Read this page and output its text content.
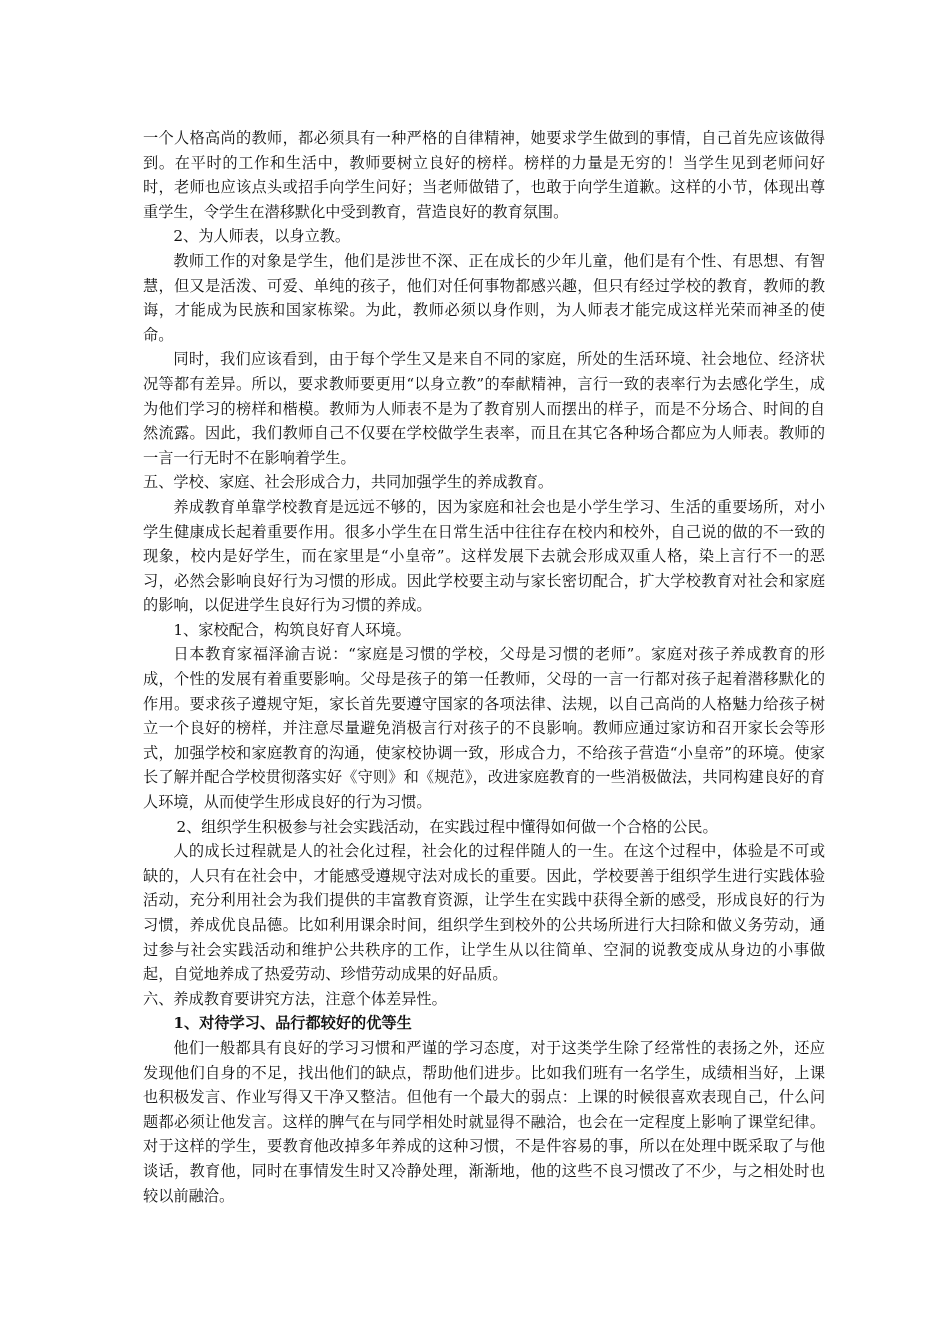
一个人格高尚的教师，都必须具有一种严格的自律精神，她要求学生做到的事情，自己首先应该做得到。在平时的工作和生活中，教师要树立良好的榜样。榜样的力量是无穷的！当学生见到老师问好时，老师也应该点头或招手向学生问好；当老师做错了，也敢于向学生道歉。这样的小节，体现出尊重学生，令学生在潜移默化中受到教育，营造良好的教育氛围。

2、为人师表，以身立教。

教师工作的对象是学生，他们是涉世不深、正在成长的少年儿童，他们是有个性、有思想、有智慧，但又是活泼、可爱、单纯的孩子，他们对任何事物都感兴趣，但只有经过学校的教育，教师的教诲，才能成为民族和国家栋梁。为此，教师必须以身作则，为人师表才能完成这样光荣而神圣的使命。

同时，我们应该看到，由于每个学生又是来自不同的家庭，所处的生活环境、社会地位、经济状况等都有差异。所以，要求教师要更用“以身立教”的奉献精神，言行一致的表率行为去感化学生，成为他们学习的榜样和楷模。教师为人师表不是为了教育别人而摆出的样子，而是不分场合、时间的自然流露。因此，我们教师自己不仅要在学校做学生表率，而且在其它各种场合都应为人师表。教师的一言一行无时不在影响着学生。

五、学校、家庭、社会形成合力，共同加强学生的养成教育。

养成教育单靠学校教育是远远不够的，因为家庭和社会也是小学生学习、生活的重要场所，对小学生健康成长起着重要作用。很多小学生在日常生活中往往存在校内和校外，自己说的做的不一致的现象，校内是好学生，而在家里是“小皇帝”。这样发展下去就会形成双重人格，染上言行不一的恶习，必然会影响良好行为习惯的形成。因此学校要主动与家长密切配合，扩大学校教育对社会和家庭的影响，以促进学生良好行为习惯的养成。

1、家校配合，构筑良好育人环境。

日本教育家福泽渝吉说：“家庭是习惯的学校，父母是习惯的老师”。家庭对孩子养成教育的形成，个性的发展有着重要影响。父母是孩子的第一任教师，父母的一言一行都对孩子起着潜移默化的作用。要求孩子遵规守矩，家长首先要遵守国家的各项法律、法规，以自己高尚的人格魅力给孩子树立一个良好的榜样，并注意尽量避免消极言行对孩子的不良影响。教师应通过家访和召开家长会等形式，加强学校和家庭教育的沟通，使家校协调一致，形成合力，不给孩子营造“小皇帝”的环境。使家长了解并配合学校贯彻落实好《守则》和《规范》，改进家庭教育的一些消极做法，共同构建良好的育人环境，从而使学生形成良好的行为习惯。

2、组织学生积极参与社会实践活动，在实践过程中懂得如何做一个合格的公民。

人的成长过程就是人的社会化过程，社会化的过程伴随人的一生。在这个过程中，体验是不可或缺的，人只有在社会中，才能感受遵规守法对成长的重要。因此，学校要善于组织学生进行实践体验活动，充分利用社会为我们提供的丰富教育资源，让学生在实践中获得全新的感受，形成良好的行为习惯，养成优良品德。比如利用课余时间，组织学生到校外的公共场所进行大扫除和做义务劳动，通过参与社会实践活动和维护公共秩序的工作，让学生从以往简单、空洞的说教变成从身边的小事做起，自觉地养成了热爱劳动、珍惜劳动成果的好品质。

六、养成教育要讲究方法，注意个体差异性。

1、对待学习、品行都较好的优等生

他们一般都具有良好的学习习惯和严谨的学习态度，对于这类学生除了经常性的表扬之外，还应发现他们自身的不足，找出他们的缺点，帮助他们进步。比如我们班有一名学生，成绩相当好，上课也积极发言、作业写得又干净又整洁。但他有一个最大的弱点：上课的时候很喜欢表现自己，什么问题都必须让他发言。这样的脾气在与同学相处时就显得不融洽，也会在一定程度上影响了课堂纪律。对于这样的学生，要教育他改掉多年养成的这种习惯，不是件容易的事，所以在处理中既采取了与他谈话，教育他，同时在事情发生时又冷静处理，渐渐地，他的这些不良习惯改了不少，与之相处时也较以前融洽。
